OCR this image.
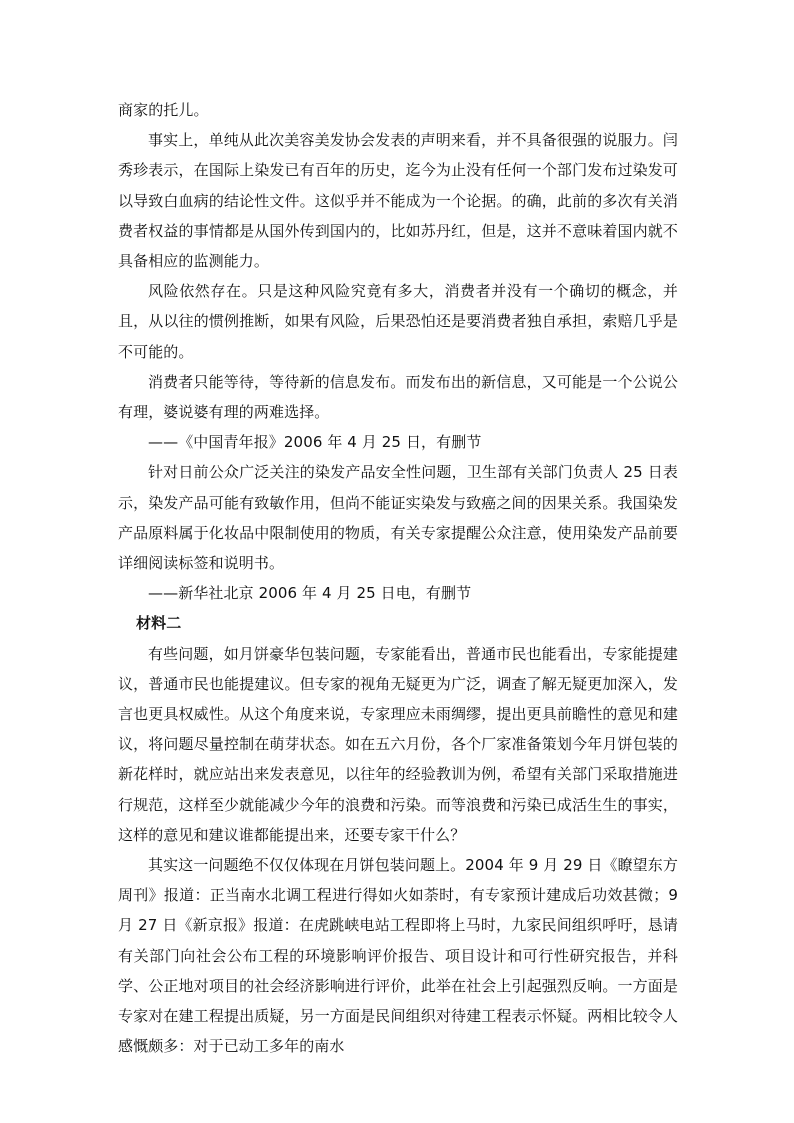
商家的托儿。

事实上，单纯从此次美容美发协会发表的声明来看，并不具备很强的说服力。闫秀珍表示，在国际上染发已有百年的历史，迄今为止没有任何一个部门发布过染发可以导致白血病的结论性文件。这似乎并不能成为一个论据。的确，此前的多次有关消费者权益的事情都是从国外传到国内的，比如苏丹红，但是，这并不意味着国内就不具备相应的监测能力。

风险依然存在。只是这种风险究竟有多大，消费者并没有一个确切的概念，并且，从以往的惯例推断，如果有风险，后果恐怕还是要消费者独自承担，索赔几乎是不可能的。

消费者只能等待，等待新的信息发布。而发布出的新信息，又可能是一个公说公有理，婆说婆有理的两难选择。

——《中国青年报》2006 年 4 月 25 日，有删节

针对日前公众广泛关注的染发产品安全性问题，卫生部有关部门负责人 25 日表示，染发产品可能有致敏作用，但尚不能证实染发与致癌之间的因果关系。我国染发产品原料属于化妆品中限制使用的物质，有关专家提醒公众注意，使用染发产品前要详细阅读标签和说明书。

——新华社北京 2006 年 4 月 25 日电，有删节

材料二

有些问题，如月饼豪华包装问题，专家能看出，普通市民也能看出，专家能提建议，普通市民也能提建议。但专家的视角无疑更为广泛，调查了解无疑更加深入，发言也更具权威性。从这个角度来说，专家理应未雨绸缪，提出更具前瞻性的意见和建议，将问题尽量控制在萌芽状态。如在五六月份，各个厂家准备策划今年月饼包装的新花样时，就应站出来发表意见，以往年的经验教训为例，希望有关部门采取措施进行规范，这样至少就能减少今年的浪费和污染。而等浪费和污染已成活生生的事实，这样的意见和建议谁都能提出来，还要专家干什么？

其实这一问题绝不仅仅体现在月饼包装问题上。2004 年 9 月 29 日《瞭望东方周刊》报道：正当南水北调工程进行得如火如荼时，有专家预计建成后功效甚微；9 月 27 日《新京报》报道：在虎跳峡电站工程即将上马时，九家民间组织呼吁，恳请有关部门向社会公布工程的环境影响评价报告、项目设计和可行性研究报告，并科学、公正地对项目的社会经济影响进行评价，此举在社会上引起强烈反响。一方面是专家对在建工程提出质疑，另一方面是民间组织对待建工程表示怀疑。两相比较令人感慨颇多：对于已动工多年的南水
